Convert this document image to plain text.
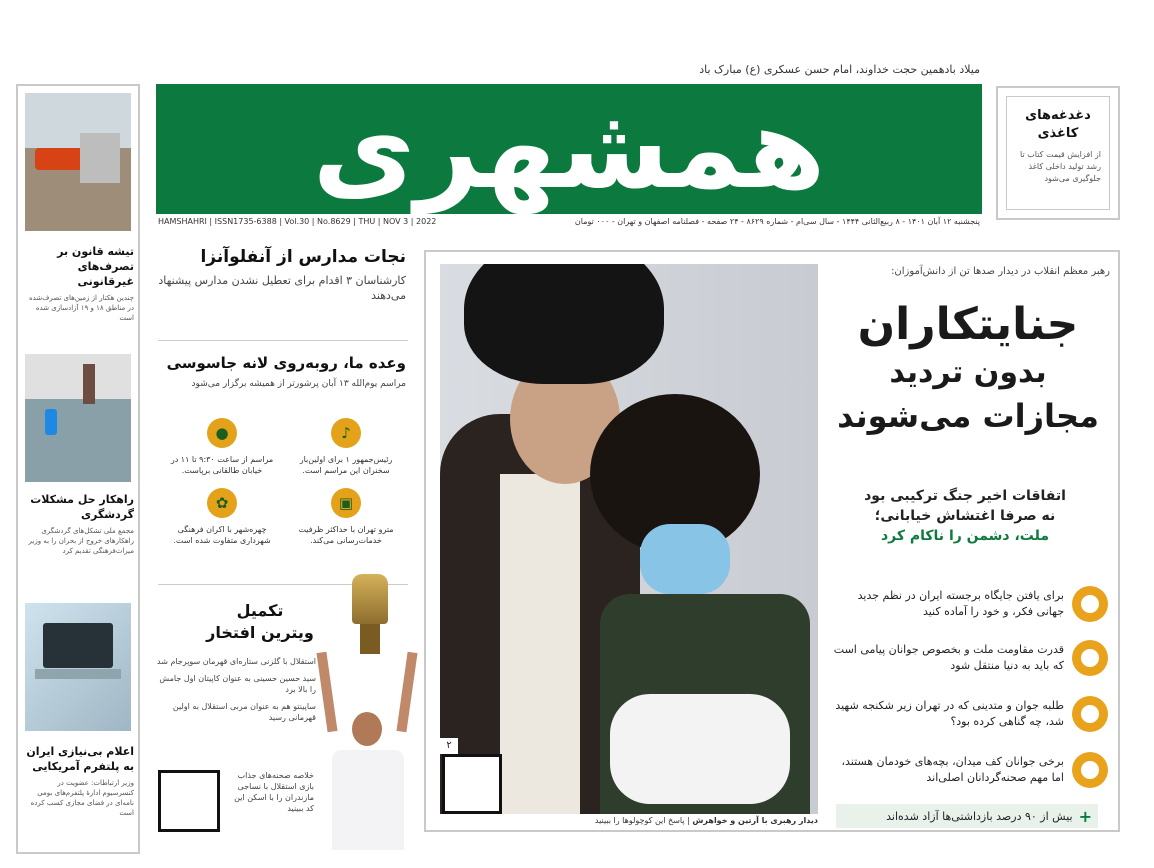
میلاد با‌دهمین حجت خداوند، امام حسن عسکری (ع) مبارک باد
همشهری
HAMSHAHRI | ISSN1735-6388 | Vol.30 | No.8629 | THU | NOV 3 | 2022	پنجشنبه ۱۲ آبان ۱۴۰۱ - ۸ ربیع‌الثانی ۱۴۴۴ - سال سی‌ام - شماره ۸۶۲۹ - ۲۴ صفحه - فصلنامه اصفهان و تهران - ۰۰۰ تومان
دغدغه‌های کاغذی
از افزایش قیمت کتاب تا رشد تولید داخلی کاغذ جلوگیری می‌شود
تیشه قانون بر تصرف‌های غیرقانونی
چندین هکتار از زمین‌های تصرف‌شده در مناطق ۱۸ و ۱۹ آزادسازی شده است
راهکار حل مشکلات گردشگری
مجمع ملی تشکل‌های گردشگری راهکارهای خروج از بحران را به وزیر میراث‌فرهنگی تقدیم کرد
اعلام بی‌نیازی ایران به پلتفرم آمریکایی
وزیر ارتباطات: عضویت در کنسرسیوم ادارهٔ پلتفرم‌های بومی نامه‌ای در فضای مجازی کسب کرده است
نجات مدارس از آنفلوآنزا
کارشناسان ۳ اقدام برای تعطیل نشدن مدارس پیشنهاد می‌دهند
وعده ما، روبه‌روی لانه جاسوسی
مراسم یوم‌الله ۱۳ آبان پرشورتر از همیشه برگزار می‌شود
♪
رئیس‌جمهور ۱ برای اولین‌بار سخنران این مراسم است.
●
مراسم از ساعت ۹:۳۰ تا ۱۱ در خیابان طالقانی برپاست.
▣
مترو تهران با حداکثر ظرفیت خدمات‌رسانی می‌کند.
✿
چهره‌شهر با اکران فرهنگی شهرداری متفاوت شده است.
تکمیل
ویترین افتخار
استقلال با گلزنی ستاره‌ای قهرمان سوپرجام شد
سید حسین حسینی به عنوان کاپیتان اول جامش را بالا برد
ساپینتو هم به عنوان مربی استقلال به اولین قهرمانی رسید
خلاصه صحنه‌های جذاب بازی استقلال با نساجی مازندران را با اسکن این کد ببینید
۲
دیدار رهبری با آرتین و خواهرش | پاسخ این کوچولوها را ببینید
رهبر معظم انقلاب در دیدار صدها تن از دانش‌آموزان:
جنایتکاران
بدون تردید
مجازات می‌شوند
اتفاقات اخیر جنگ ترکیبی بود
نه صرفا اغتشاش خیابانی؛
ملت، دشمن را ناکام کرد
برای یافتن جایگاه برجسته ایران در نظم جدید جهانی فکر، و خود را آماده کنید
قدرت مقاومت ملت و بخصوص جوانان پیامی است که باید به دنیا منتقل شود
طلبه جوان و متدینی که در تهران زیر شکنجه شهید شد، چه گناهی کرده بود؟
برخی جوانان کف میدان، بچه‌های خودمان هستند، اما مهم صحنه‌گردانان اصلی‌اند
+
بیش از ۹۰ درصد بازداشتی‌ها آزاد شده‌اند
